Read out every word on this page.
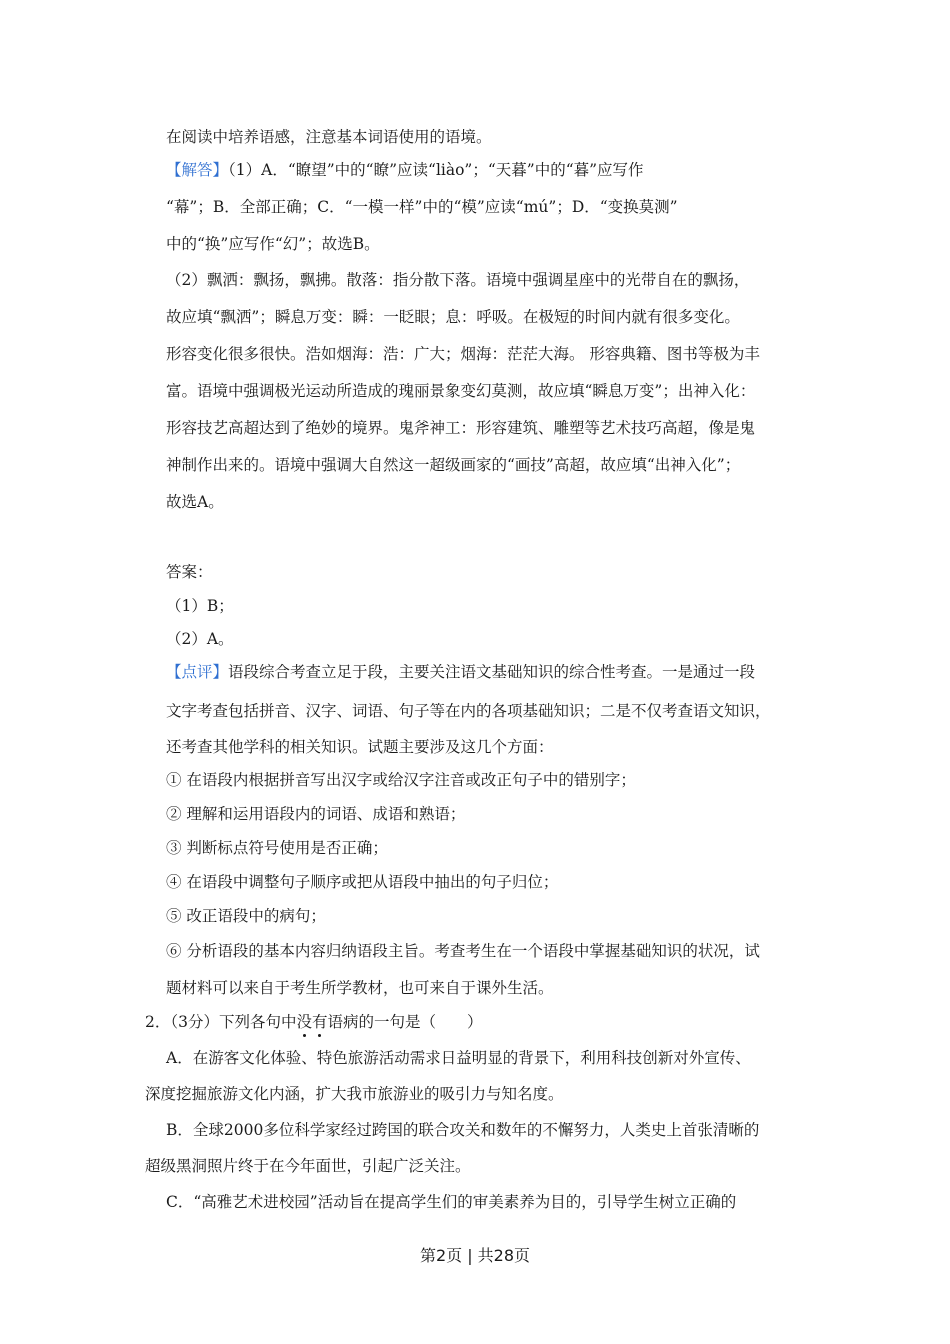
在阅读中培养语感，注意基本词语使用的语境。
【解答】（1）A．“瞭望”中的“瞭”应读“liào”；“天暮”中的“暮”应写作
“幕”；B．全部正确；C．“一模一样”中的“模”应读“mú”；D．“变换莫测”
中的“换”应写作“幻”；故选B。
（2）飘洒：飘扬，飘拂。散落：指分散下落。语境中强调星座中的光带自在的飘扬，
故应填“飘洒”；瞬息万变：瞬：一眨眼；息：呼吸。在极短的时间内就有很多变化。
形容变化很多很快。浩如烟海：浩：广大；烟海：茫茫大海。 形容典籍、图书等极为丰
富。语境中强调极光运动所造成的瑰丽景象变幻莫测，故应填“瞬息万变”；出神入化：
形容技艺高超达到了绝妙的境界。鬼斧神工：形容建筑、雕塑等艺术技巧高超，像是鬼
神制作出来的。语境中强调大自然这一超级画家的“画技”高超，故应填“出神入化”；
故选A。
答案：
（1）B；
（2）A。
【点评】语段综合考查立足于段，主要关注语文基础知识的综合性考查。一是通过一段
文字考查包括拼音、汉字、词语、句子等在内的各项基础知识；二是不仅考查语文知识，
还考查其他学科的相关知识。试题主要涉及这几个方面：
① 在语段内根据拼音写出汉字或给汉字注音或改正句子中的错别字；
② 理解和运用语段内的词语、成语和熟语；
③ 判断标点符号使用是否正确；
④ 在语段中调整句子顺序或把从语段中抽出的句子归位；
⑤ 改正语段中的病句；
⑥ 分析语段的基本内容归纳语段主旨。考查考生在一个语段中掌握基础知识的状况，试
题材料可以来自于考生所学教材，也可来自于课外生活。
2．（3分）下列各句中没有语病的一句是（　　）
A．在游客文化体验、特色旅游活动需求日益明显的背景下，利用科技创新对外宣传、
深度挖掘旅游文化内涵，扩大我市旅游业的吸引力与知名度。
B．全球2000多位科学家经过跨国的联合攻关和数年的不懈努力，人类史上首张清晰的
超级黑洞照片终于在今年面世，引起广泛关注。
C．“高雅艺术进校园”活动旨在提高学生们的审美素养为目的，引导学生树立正确的
第2页 | 共28页
